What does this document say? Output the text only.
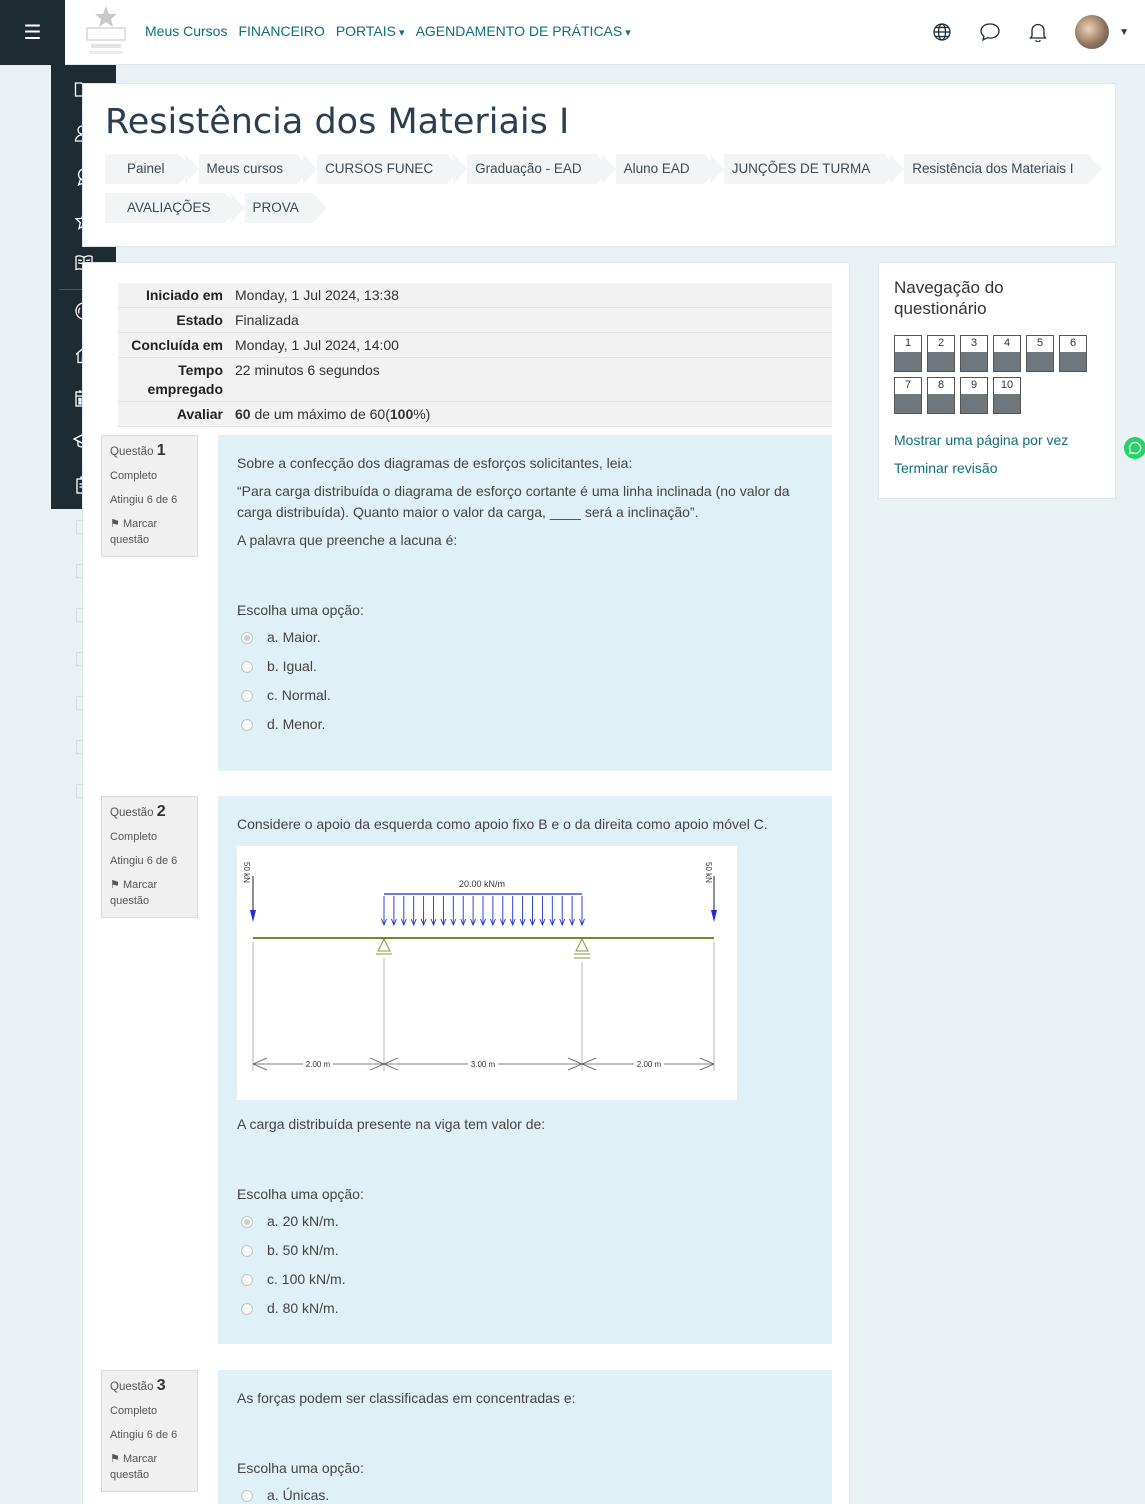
☰	Meus Cursos FINANCEIRO PORTAIS ▾	AGENDAMENTO DE PRÁTICAS ▾	▼
Resistência dos Materiais I
Painel	Meus cursos	CURSOS FUNEC	Graduação - EAD	Aluno EAD	JUNÇÕES DE TURMA	Resistência dos Materiais I
AVALIAÇÕES	PROVA
Iniciado em Monday, 1 Jul 2024, 13:38
Estado Finalizada
Concluída em Monday, 1 Jul 2024, 14:00
Tempo empregado
22 minutos 6 segundos
Avaliar 60 de um máximo de 60(100%)
Questão 1
Completo
Atingiu 6 de 6
⚑ Marcar questão

Sobre a confecção dos diagramas de esforços solicitantes, leia:

“Para carga distribuída o diagrama de esforço cortante é uma linha inclinada (no valor da carga distribuída). Quanto maior o valor da carga, ____ será a inclinação”.

A palavra que preenche a lacuna é:

Escolha uma opção:

a. Maior.
b. Igual.
c. Normal.
d. Menor.
Questão 2
Completo
Atingiu 6 de 6
⚑ Marcar questão

Considere o apoio da esquerda como apoio fixo B e o da direita como apoio móvel C.

50 kN	50 kN
20.00 kN/m
2.00 m	3.00 m	2.00 m

A carga distribuída presente na viga tem valor de:

Escolha uma opção:

a. 20 kN/m.
b. 50 kN/m.
c. 100 kN/m.
d. 80 kN/m.
Questão 3
Completo
Atingiu 6 de 6
⚑ Marcar questão

As forças podem ser classificadas em concentradas e:

Escolha uma opção:

a. Únicas.
Navegação do questionário
1	2	3	4	5	6
7	8	9	10
Mostrar uma página por vez
Terminar revisão
